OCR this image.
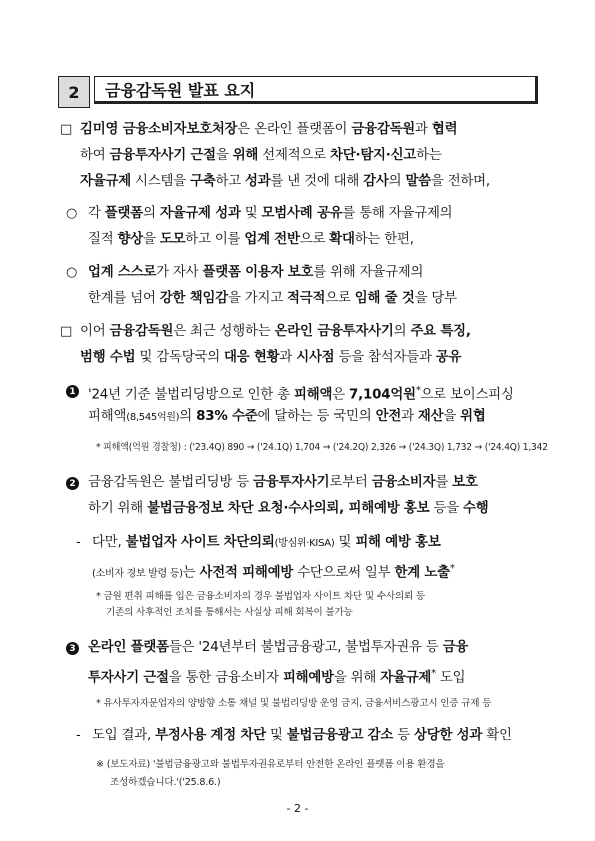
2	금융감독원 발표 요지
□ 김미영 금융소비자보호처장은 온라인 플랫폼이 금융감독원과 협력
하여 금융투자사기 근절을 위해 선제적으로 차단·탐지·신고하는
자율규제 시스템을 구축하고 성과를 낸 것에 대해 감사의 말씀을 전하며,
○ 각 플랫폼의 자율규제 성과 및 모범사례 공유를 통해 자율규제의
질적 향상을 도모하고 이를 업계 전반으로 확대하는 한편,
○ 업계 스스로가 자사 플랫폼 이용자 보호를 위해 자율규제의
한계를 넘어 강한 책임감을 가지고 적극적으로 임해 줄 것을 당부
□ 이어 금융감독원은 최근 성행하는 온라인 금융투자사기의 주요 특징,
범행 수법 및 감독당국의 대응 현황과 시사점 등을 참석자들과 공유
1 '24년 기준 불법리딩방으로 인한 총 피해액은 7,104억원*으로 보이스피싱
피해액(8,545억원)의 83% 수준에 달하는 등 국민의 안전과 재산을 위협
* 피해액(억원 경찰청) : ('23.4Q) 890 → ('24.1Q) 1,704 → ('24.2Q) 2,326 → ('24.3Q) 1,732 → ('24.4Q) 1,342
2 금융감독원은 불법리딩방 등 금융투자사기로부터 금융소비자를 보호
하기 위해 불법금융정보 차단 요청·수사의뢰, 피해예방 홍보 등을 수행
- 다만, 불법업자 사이트 차단의뢰(방심위·KISA) 및 피해 예방 홍보
(소비자 경보 발령 등)는 사전적 피해예방 수단으로써 일부 한계 노출*
* 금원 편취 피해를 입은 금융소비자의 경우 불법업자 사이트 차단 및 수사의뢰 등
기존의 사후적인 조치를 통해서는 사실상 피해 회복이 불가능
3 온라인 플랫폼들은 '24년부터 불법금융광고, 불법투자권유 등 금융
투자사기 근절을 통한 금융소비자 피해예방을 위해 자율규제* 도입
* 유사투자자문업자의 양방향 소통 채널 및 불법리딩방 운영 금지, 금융서비스광고시 인증 규제 등
- 도입 결과, 부정사용 계정 차단 및 불법금융광고 감소 등 상당한 성과 확인
※ (보도자료) '불법금융광고와 불법투자권유로부터 안전한 온라인 플랫폼 이용 환경을
조성하겠습니다.'('25.8.6.)
- 2 -
